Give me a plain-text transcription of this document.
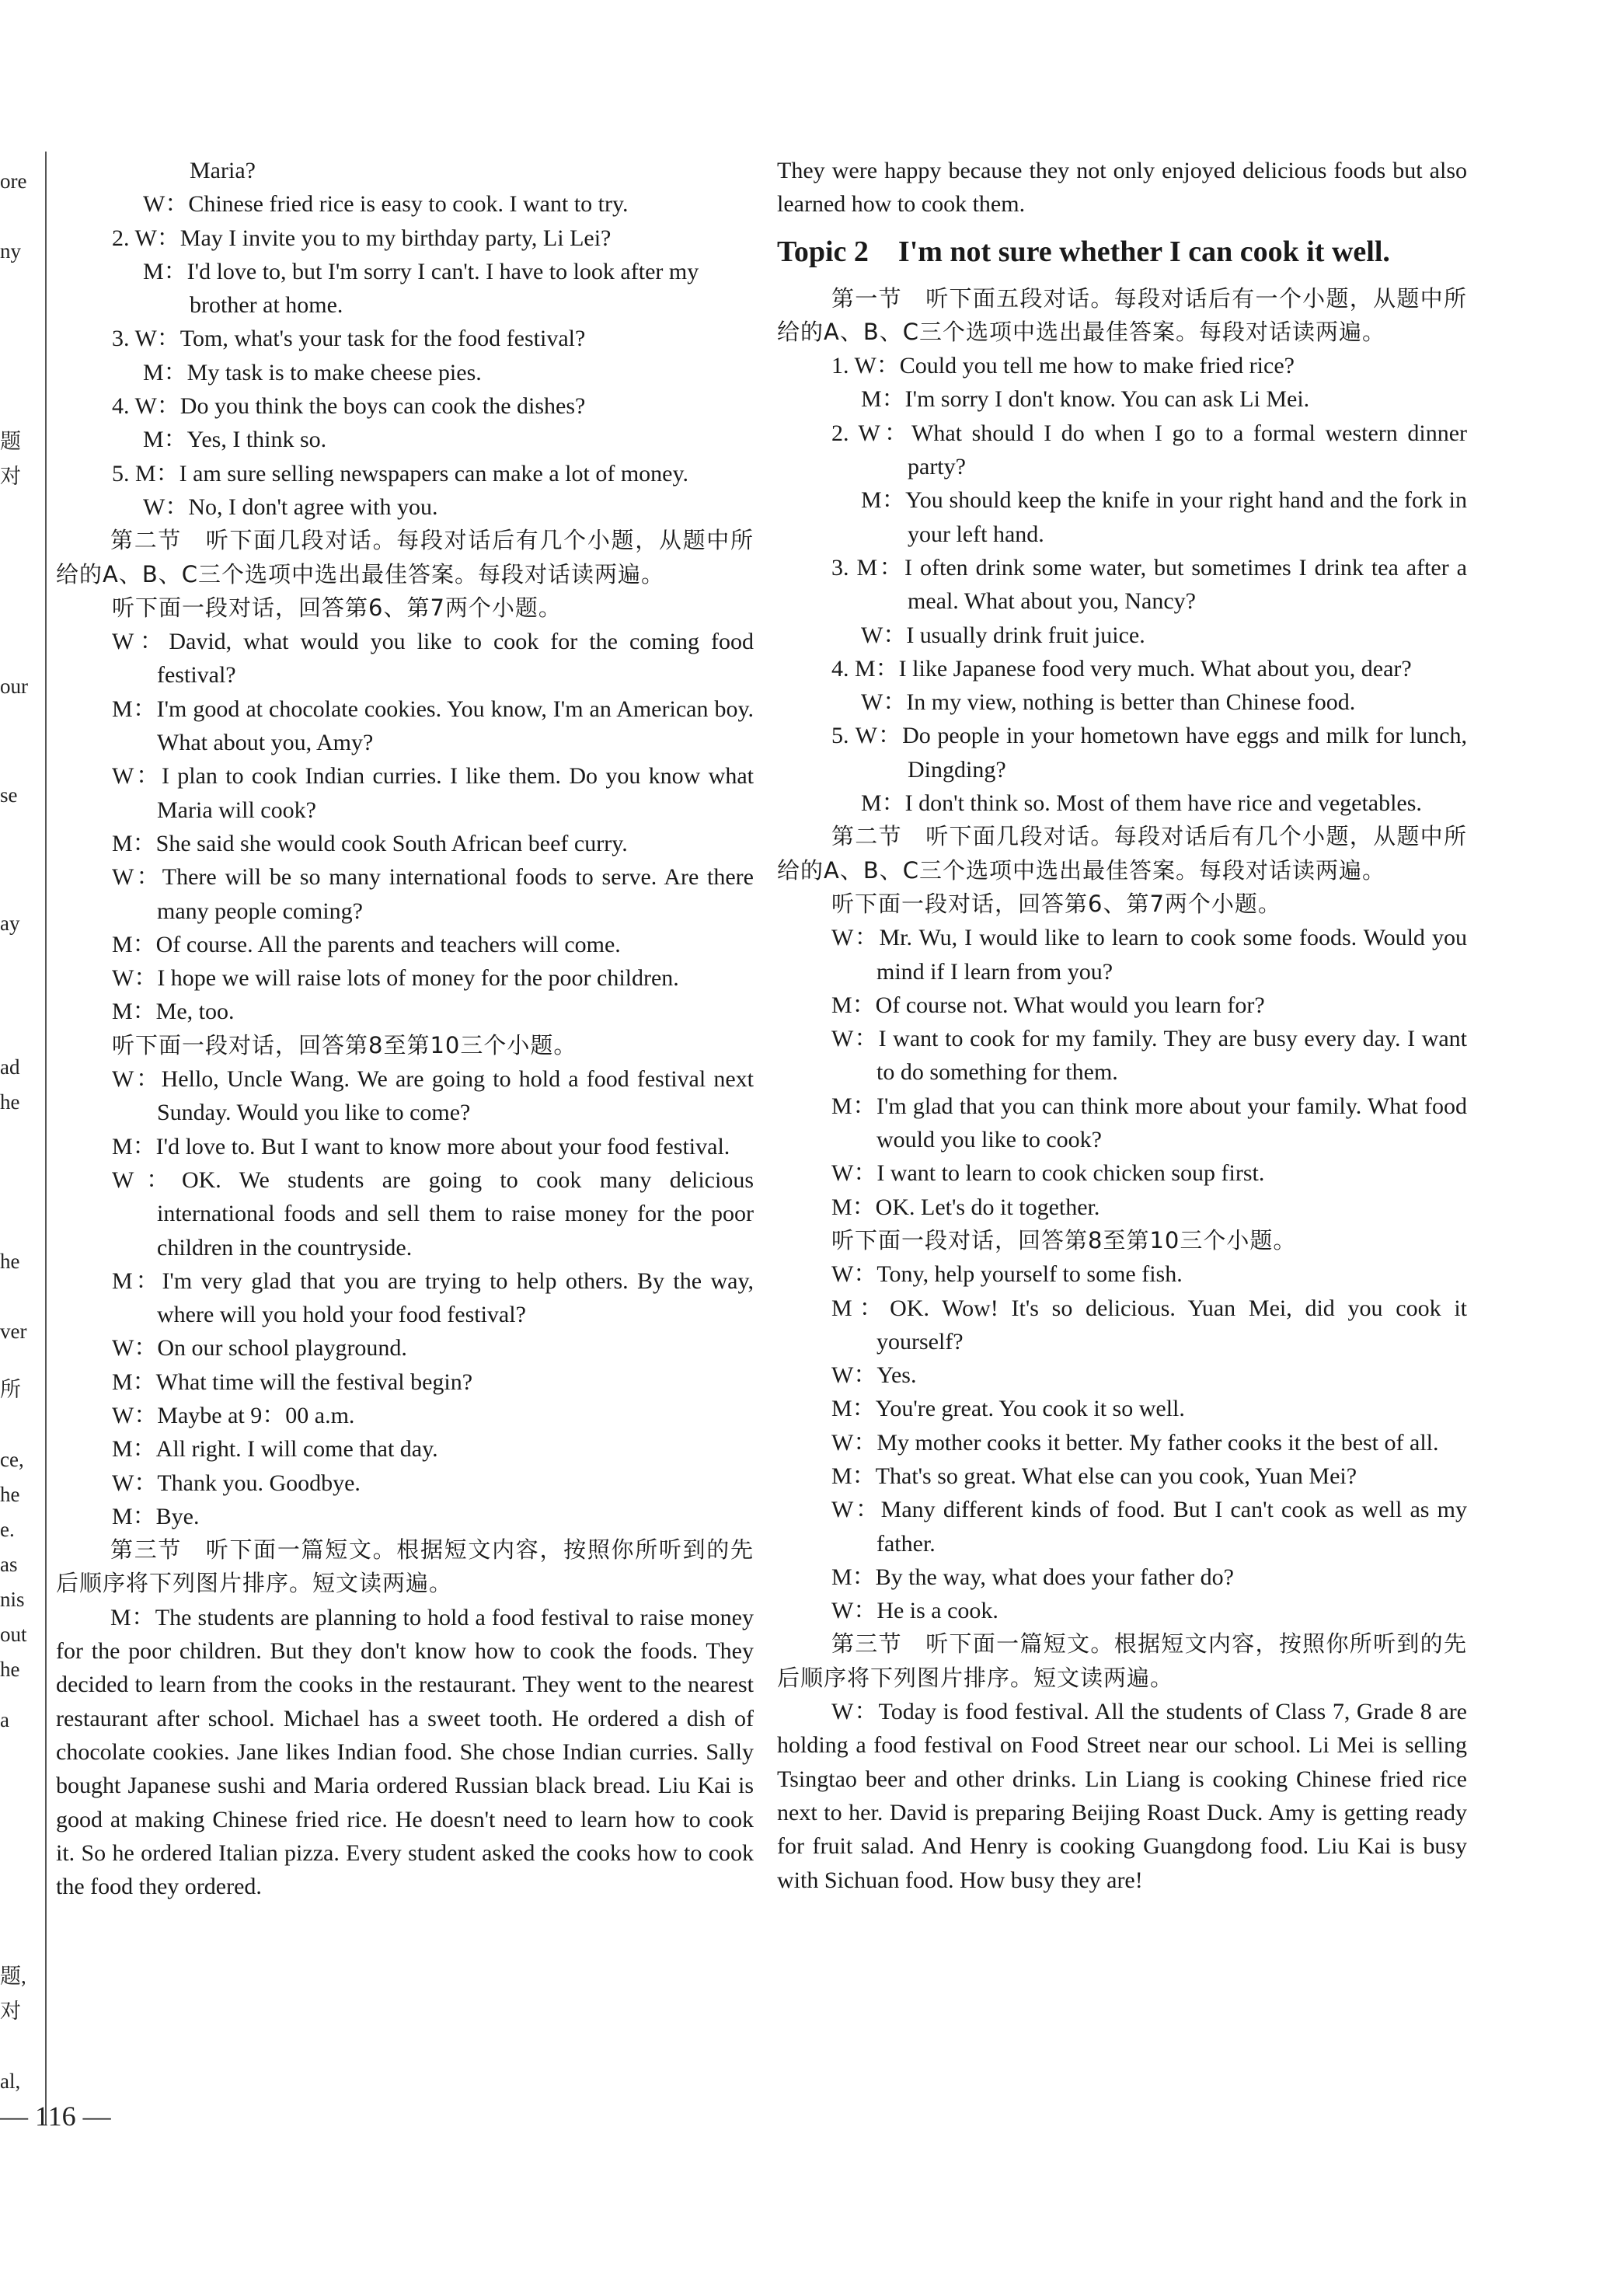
ore
ny
题
对
our
se
ay
ad
he
he
ver
所
ce,
he
e.
as
nis
out
he
a
题,
对
al,
Maria?
W：Chinese fried rice is easy to cook. I want to try.
2. W：May I invite you to my birthday party, Li Lei?
M：I'd love to, but I'm sorry I can't. I have to look after my brother at home.
3. W：Tom, what's your task for the food festival?
M：My task is to make cheese pies.
4. W：Do you think the boys can cook the dishes?
M：Yes, I think so.
5. M：I am sure selling newspapers can make a lot of money.
W：No, I don't agree with you.
第二节　听下面几段对话。每段对话后有几个小题，从题中所给的A、B、C三个选项中选出最佳答案。每段对话读两遍。
听下面一段对话，回答第6、第7两个小题。
W：David, what would you like to cook for the coming food festival?
M：I'm good at chocolate cookies. You know, I'm an American boy. What about you, Amy?
W：I plan to cook Indian curries. I like them. Do you know what Maria will cook?
M：She said she would cook South African beef curry.
W：There will be so many international foods to serve. Are there many people coming?
M：Of course. All the parents and teachers will come.
W：I hope we will raise lots of money for the poor children.
M：Me, too.
听下面一段对话，回答第8至第10三个小题。
W：Hello, Uncle Wang. We are going to hold a food festival next Sunday. Would you like to come?
M：I'd love to. But I want to know more about your food festival.
W：OK. We students are going to cook many delicious international foods and sell them to raise money for the poor children in the countryside.
M：I'm very glad that you are trying to help others. By the way, where will you hold your food festival?
W：On our school playground.
M：What time will the festival begin?
W：Maybe at 9：00 a.m.
M：All right. I will come that day.
W：Thank you. Goodbye.
M：Bye.
第三节　听下面一篇短文。根据短文内容，按照你所听到的先后顺序将下列图片排序。短文读两遍。
M：The students are planning to hold a food festival to raise money for the poor children. But they don't know how to cook the foods. They decided to learn from the cooks in the restaurant. They went to the nearest restaurant after school. Michael has a sweet tooth. He ordered a dish of chocolate cookies. Jane likes Indian food. She chose Indian curries. Sally bought Japanese sushi and Maria ordered Russian black bread. Liu Kai is good at making Chinese fried rice. He doesn't need to learn how to cook it. So he ordered Italian pizza. Every student asked the cooks how to cook the food they ordered.
They were happy because they not only enjoyed delicious foods but also learned how to cook them.
Topic 2　I'm not sure whether I can cook it well.
第一节　听下面五段对话。每段对话后有一个小题，从题中所给的A、B、C三个选项中选出最佳答案。每段对话读两遍。
1. W：Could you tell me how to make fried rice?
M：I'm sorry I don't know. You can ask Li Mei.
2. W：What should I do when I go to a formal western dinner party?
M：You should keep the knife in your right hand and the fork in your left hand.
3. M：I often drink some water, but sometimes I drink tea after a meal. What about you, Nancy?
W：I usually drink fruit juice.
4. M：I like Japanese food very much. What about you, dear?
W：In my view, nothing is better than Chinese food.
5. W：Do people in your hometown have eggs and milk for lunch, Dingding?
M：I don't think so. Most of them have rice and vegetables.
第二节　听下面几段对话。每段对话后有几个小题，从题中所给的A、B、C三个选项中选出最佳答案。每段对话读两遍。
听下面一段对话，回答第6、第7两个小题。
W：Mr. Wu, I would like to learn to cook some foods. Would you mind if I learn from you?
M：Of course not. What would you learn for?
W：I want to cook for my family. They are busy every day. I want to do something for them.
M：I'm glad that you can think more about your family. What food would you like to cook?
W：I want to learn to cook chicken soup first.
M：OK. Let's do it together.
听下面一段对话，回答第8至第10三个小题。
W：Tony, help yourself to some fish.
M：OK. Wow! It's so delicious. Yuan Mei, did you cook it yourself?
W：Yes.
M：You're great. You cook it so well.
W：My mother cooks it better. My father cooks it the best of all.
M：That's so great. What else can you cook, Yuan Mei?
W：Many different kinds of food. But I can't cook as well as my father.
M：By the way, what does your father do?
W：He is a cook.
第三节　听下面一篇短文。根据短文内容，按照你所听到的先后顺序将下列图片排序。短文读两遍。
W：Today is food festival. All the students of Class 7, Grade 8 are holding a food festival on Food Street near our school. Li Mei is selling Tsingtao beer and other drinks. Lin Liang is cooking Chinese fried rice next to her. David is preparing Beijing Roast Duck. Amy is getting ready for fruit salad. And Henry is cooking Guangdong food. Liu Kai is busy with Sichuan food. How busy they are!
— 116 —
